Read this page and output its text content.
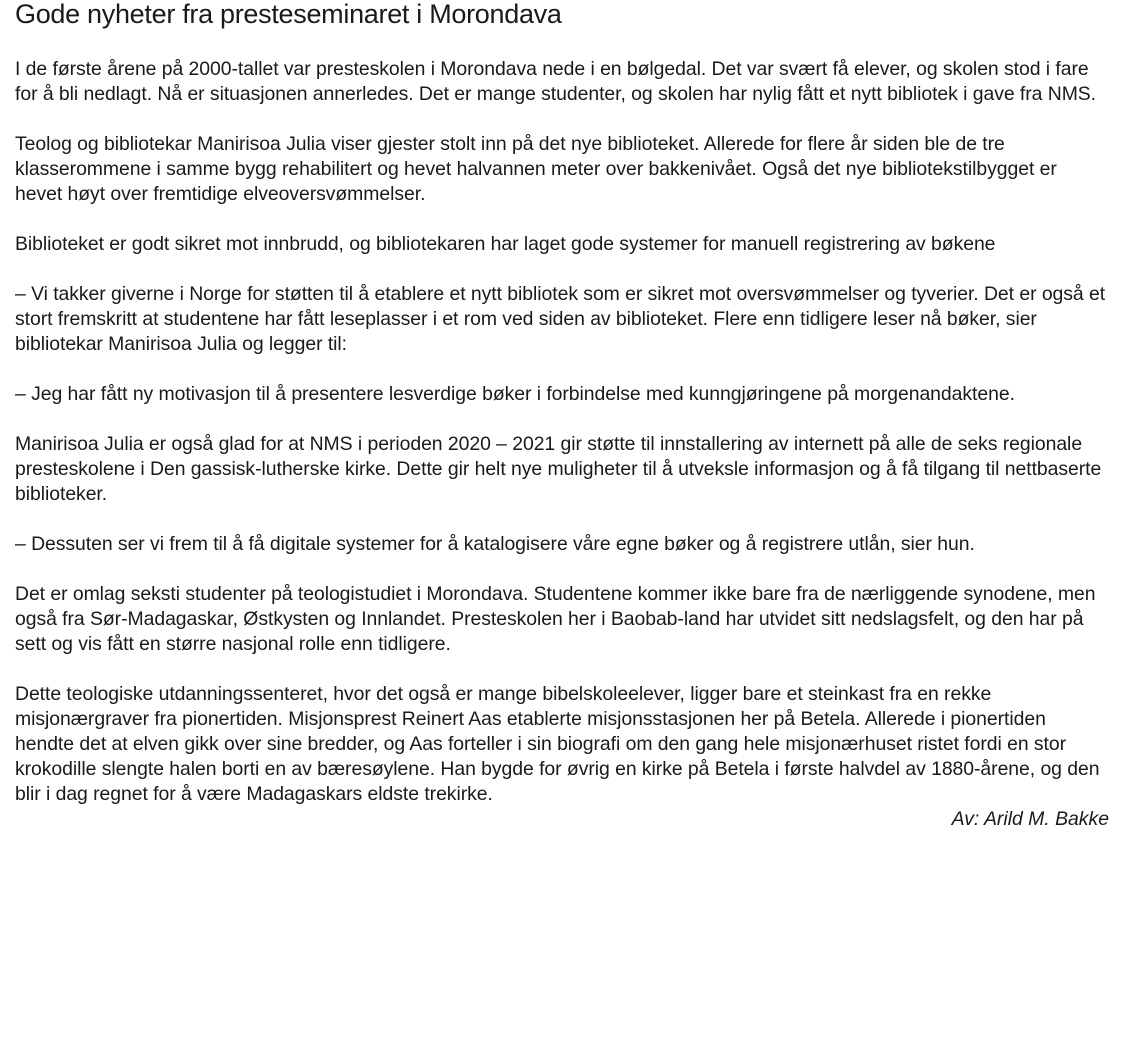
Gode nyheter fra presteseminaret i Morondava

I de første årene på 2000-tallet var presteskolen i Morondava nede i en bølgedal. Det var svært få elever, og skolen stod i fare for å bli nedlagt. Nå er situasjonen annerledes. Det er mange studenter, og skolen har nylig fått et nytt bibliotek i gave fra NMS.

Teolog og bibliotekar Manirisoa Julia viser gjester stolt inn på det nye biblioteket. Allerede for flere år siden ble de tre klasserommene i samme bygg rehabilitert og hevet halvannen meter over bakkenivået. Også det nye bibliotekstilbygget er hevet høyt over fremtidige elveoversvømmelser.

Biblioteket er godt sikret mot innbrudd, og bibliotekaren har laget gode systemer for manuell registrering av bøkene

– Vi takker giverne i Norge for støtten til å etablere et nytt bibliotek som er sikret mot oversvømmelser og tyverier. Det er også et stort fremskritt at studentene har fått leseplasser i et rom ved siden av biblioteket. Flere enn tidligere leser nå bøker, sier bibliotekar Manirisoa Julia og legger til:

– Jeg har fått ny motivasjon til å presentere lesverdige bøker i forbindelse med kunngjøringene på morgenandaktene.

Manirisoa Julia er også glad for at NMS i perioden 2020 – 2021 gir støtte til innstallering av internett på alle de seks regionale presteskolene i Den gassisk-lutherske kirke. Dette gir helt nye muligheter til å utveksle informasjon og å få tilgang til nettbaserte biblioteker.

– Dessuten ser vi frem til å få digitale systemer for å katalogisere våre egne bøker og å registrere utlån, sier hun.

Det er omlag seksti studenter på teologistudiet i Morondava. Studentene kommer ikke bare fra de nærliggende synodene, men også fra Sør-Madagaskar, Østkysten og Innlandet. Presteskolen her i Baobab-land har utvidet sitt nedslagsfelt, og den har på sett og vis fått en større nasjonal rolle enn tidligere.

Dette teologiske utdanningssenteret, hvor det også er mange bibelskoleelever, ligger bare et steinkast fra en rekke misjonærgraver fra pionertiden. Misjonsprest Reinert Aas etablerte misjonsstasjonen her på Betela. Allerede i pionertiden hendte det at elven gikk over sine bredder, og Aas forteller i sin biografi om den gang hele misjonærhuset ristet fordi en stor krokodille slengte halen borti en av bæresøylene. Han bygde for øvrig en kirke på Betela i første halvdel av 1880-årene, og den blir i dag regnet for å være Madagaskars eldste trekirke.

Av: Arild M. Bakke
